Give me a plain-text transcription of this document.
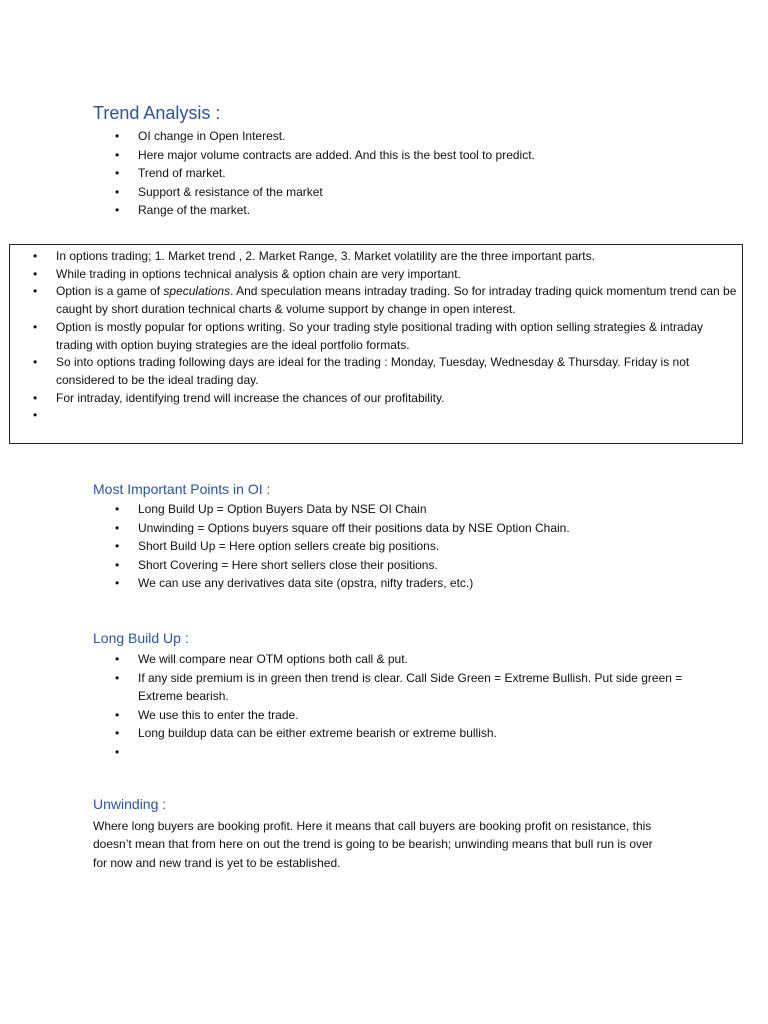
Trend Analysis :
• OI change in Open Interest.
• Here major volume contracts are added. And this is the best tool to predict.
• Trend of market.
• Support & resistance of the market
• Range of the market.
• In options trading; 1. Market trend , 2. Market Range, 3. Market volatility are the three important parts.
• While trading in options technical analysis & option chain are very important.
• Option is a game of speculations. And speculation means intraday trading. So for intraday trading quick momentum trend can be caught by short duration technical charts & volume support by change in open interest.
• Option is mostly popular for options writing. So your trading style positional trading with option selling strategies & intraday trading with option buying strategies are the ideal portfolio formats.
• So into options trading following days are ideal for the trading : Monday, Tuesday, Wednesday & Thursday. Friday is not considered to be the ideal trading day.
• For intraday, identifying trend will increase the chances of our profitability.
•

Most Important Points in OI :
• Long Build Up = Option Buyers Data by NSE OI Chain
• Unwinding = Options buyers square off their positions data by NSE Option Chain.
• Short Build Up = Here option sellers create big positions.
• Short Covering = Here short sellers close their positions.
• We can use any derivatives data site (opstra, nifty traders, etc.)
Long Build Up :
• We will compare near OTM options both call & put.
• If any side premium is in green then trend is clear. Call Side Green = Extreme Bullish. Put side green = Extreme bearish.
• We use this to enter the trade.
• Long buildup data can be either extreme bearish or extreme bullish.
•

Unwinding :

Where long buyers are booking profit. Here it means that call buyers are booking profit on resistance, this doesn’t mean that from here on out the trend is going to be bearish; unwinding means that bull run is over for now and new trand is yet to be established.
